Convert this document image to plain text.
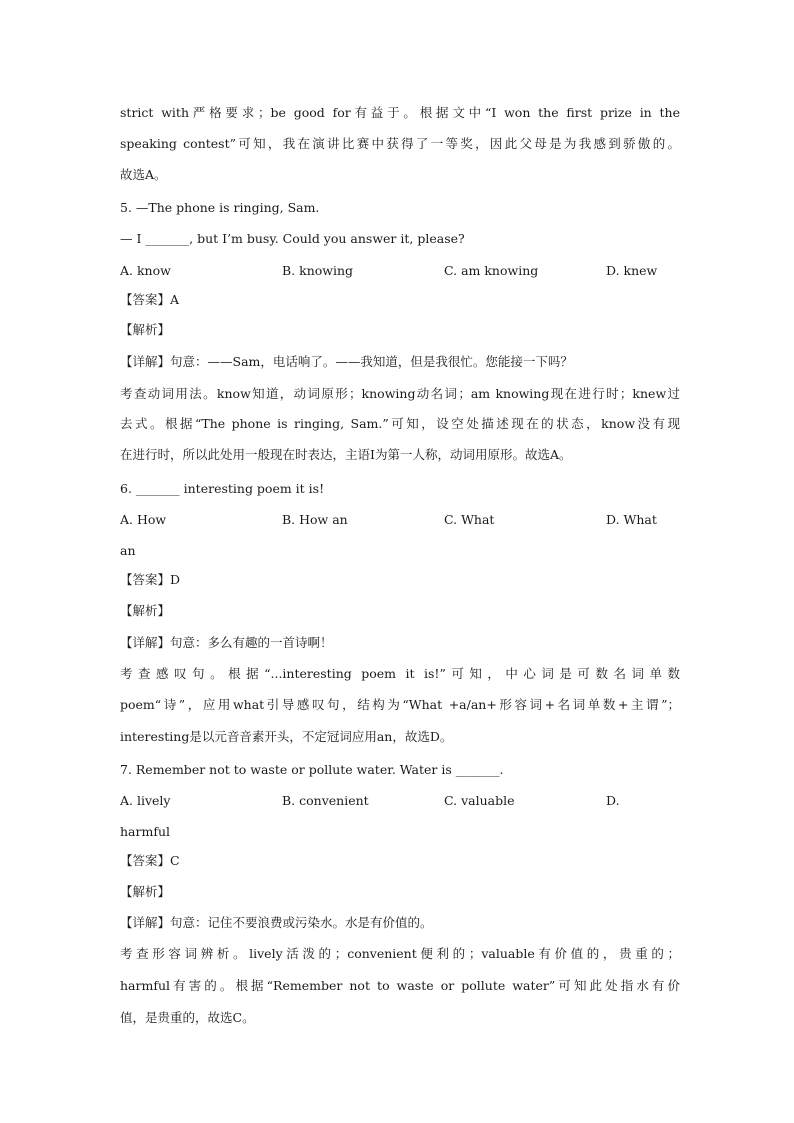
strict with严格要求；be good for有益于。根据文中“I won the first prize in the
speaking contest”可知，我在演讲比赛中获得了一等奖，因此父母是为我感到骄傲的。
故选A。
5. —The phone is ringing, Sam.
— I _______, but I’m busy. Could you answer it, please?
A. know	B. knowing	C. am knowing	D. knew
【答案】A
【解析】
【详解】句意：——Sam，电话响了。——我知道，但是我很忙。您能接一下吗？
考查动词用法。know知道，动词原形；knowing动名词；am knowing现在进行时；knew过
去式。根据“The phone is ringing, Sam.”可知，设空处描述现在的状态，know没有现
在进行时，所以此处用一般现在时表达，主语I为第一人称，动词用原形。故选A。
6. _______ interesting poem it is!
A. How	B. How an	C. What	D. What
an
【答案】D
【解析】
【详解】句意：多么有趣的一首诗啊！
考查感叹句。根据“...interesting poem it is!”可知，中心词是可数名词单数
poem“诗”，应用what引导感叹句，结构为“What +a/an+形容词+名词单数+主谓”；
interesting是以元音音素开头，不定冠词应用an，故选D。
7. Remember not to waste or pollute water. Water is _______.
A. lively	B. convenient	C. valuable	D.
harmful
【答案】C
【解析】
【详解】句意：记住不要浪费或污染水。水是有价值的。
考查形容词辨析。lively活泼的；convenient便利的；valuable有价值的，贵重的；
harmful有害的。根据“Remember not to waste or pollute water”可知此处指水有价
值，是贵重的，故选C。
